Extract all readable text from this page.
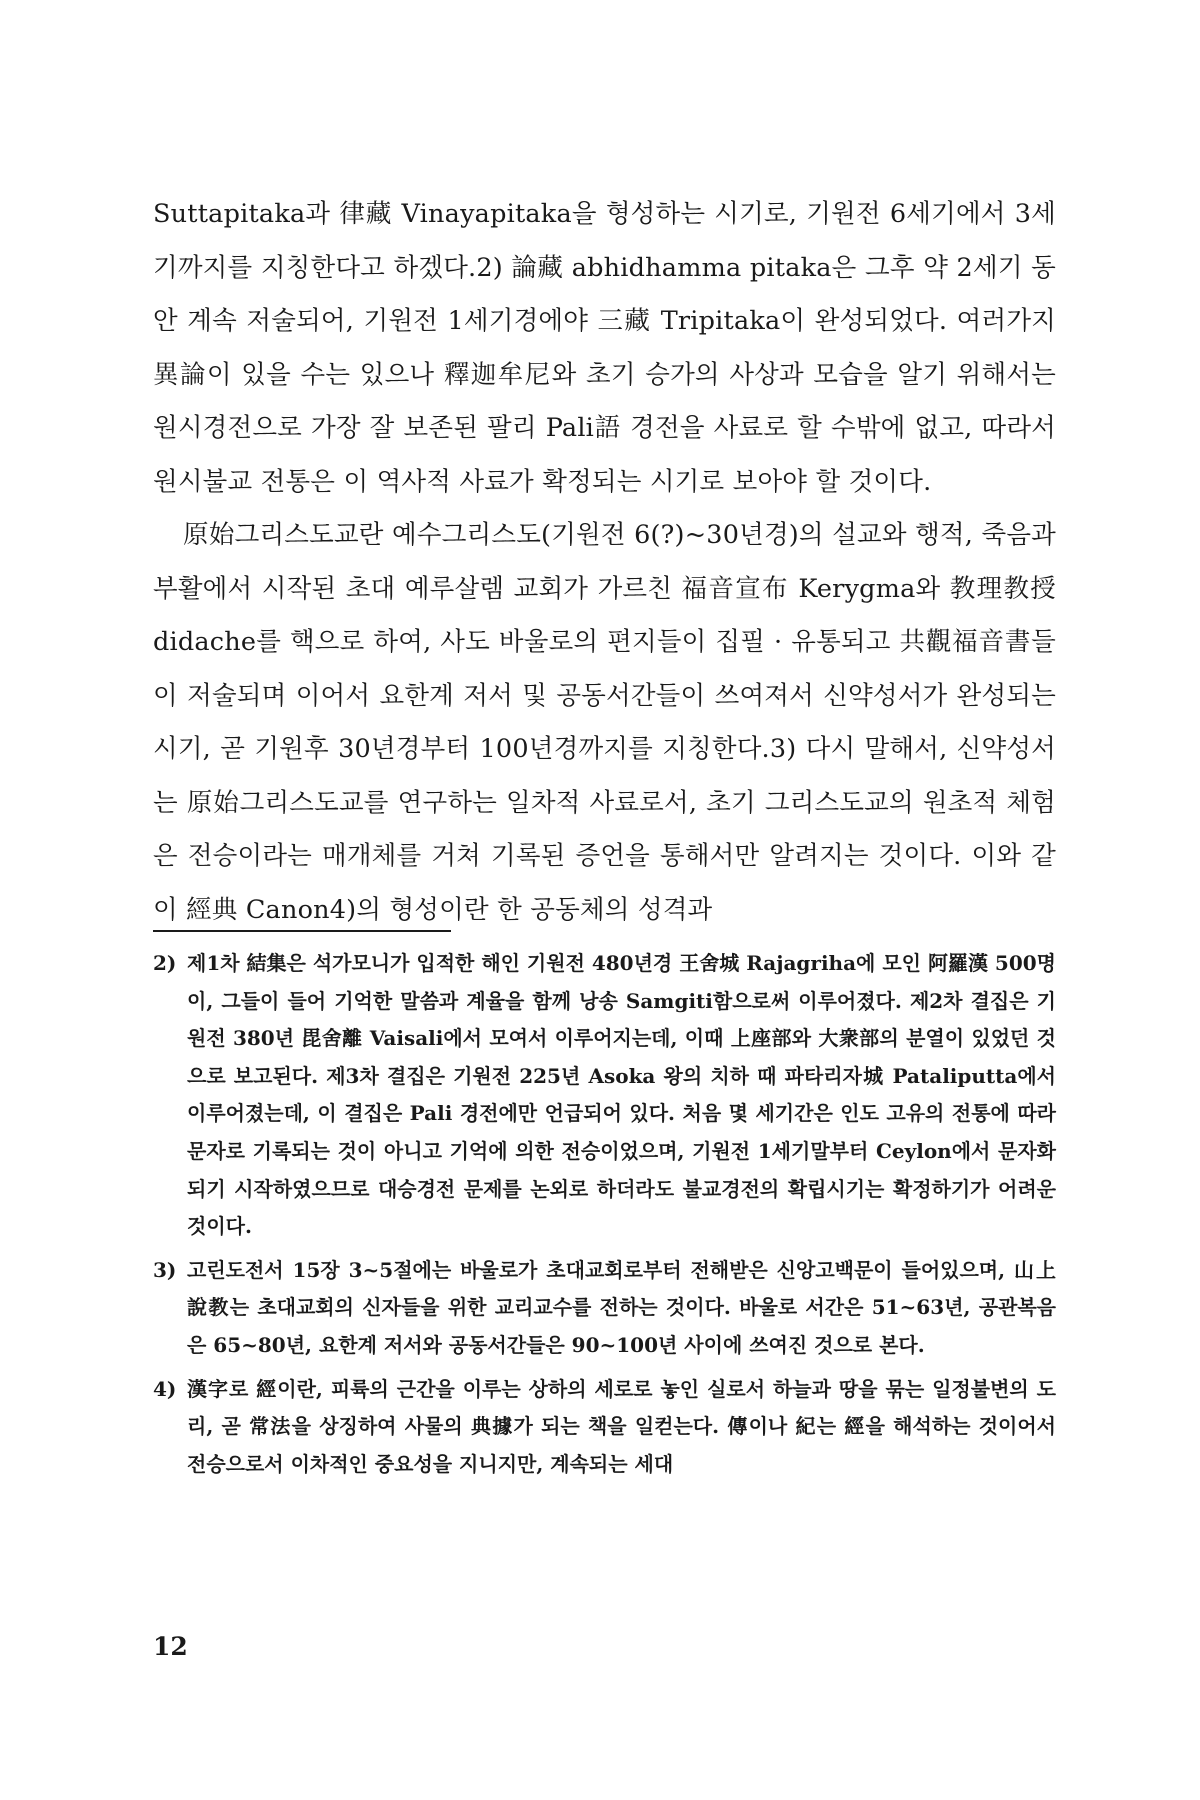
Suttapitaka과 律藏 Vinayapitaka을 형성하는 시기로, 기원전 6세기에서 3세기까지를 지칭한다고 하겠다.2) 論藏 abhidhamma pitaka은 그후 약 2세기 동안 계속 저술되어, 기원전 1세기경에야 三藏 Tripitaka이 완성되었다. 여러가지 異論이 있을 수는 있으나 釋迦牟尼와 초기 승가의 사상과 모습을 알기 위해서는 원시경전으로 가장 잘 보존된 팔리 Pali語 경전을 사료로 할 수밖에 없고, 따라서 원시불교 전통은 이 역사적 사료가 확정되는 시기로 보아야 할 것이다.

原始그리스도교란 예수그리스도(기원전 6(?)~30년경)의 설교와 행적, 죽음과 부활에서 시작된 초대 예루살렘 교회가 가르친 福音宣布 Kerygma와 教理教授 didache를 핵으로 하여, 사도 바울로의 편지들이 집필 · 유통되고 共觀福音書들이 저술되며 이어서 요한계 저서 및 공동서간들이 쓰여져서 신약성서가 완성되는 시기, 곧 기원후 30년경부터 100년경까지를 지칭한다.3) 다시 말해서, 신약성서는 原始그리스도교를 연구하는 일차적 사료로서, 초기 그리스도교의 원초적 체험은 전승이라는 매개체를 거쳐 기록된 증언을 통해서만 알려지는 것이다. 이와 같이 經典 Canon4)의 형성이란 한 공동체의 성격과

2) 제1차 結集은 석가모니가 입적한 해인 기원전 480년경 王舍城 Rajagriha에 모인 阿羅漢 500명이, 그들이 들어 기억한 말씀과 계율을 함께 낭송 Samgiti함으로써 이루어졌다. 제2차 결집은 기원전 380년 毘舍離 Vaisali에서 모여서 이루어지는데, 이때 上座部와 大衆部의 분열이 있었던 것으로 보고된다. 제3차 결집은 기원전 225년 Asoka 왕의 치하 때 파타리자城 Pataliputta에서 이루어졌는데, 이 결집은 Pali 경전에만 언급되어 있다. 처음 몇 세기간은 인도 고유의 전통에 따라 문자로 기록되는 것이 아니고 기억에 의한 전승이었으며, 기원전 1세기말부터 Ceylon에서 문자화되기 시작하였으므로 대승경전 문제를 논외로 하더라도 불교경전의 확립시기는 확정하기가 어려운 것이다.
3) 고린도전서 15장 3~5절에는 바울로가 초대교회로부터 전해받은 신앙고백문이 들어있으며, 山上說教는 초대교회의 신자들을 위한 교리교수를 전하는 것이다. 바울로 서간은 51~63년, 공관복음은 65~80년, 요한계 저서와 공동서간들은 90~100년 사이에 쓰여진 것으로 본다.
4) 漢字로 經이란, 피륙의 근간을 이루는 상하의 세로로 놓인 실로서 하늘과 땅을 묶는 일정불변의 도리, 곧 常法을 상징하여 사물의 典據가 되는 책을 일컫는다. 傳이나 紀는 經을 해석하는 것이어서 전승으로서 이차적인 중요성을 지니지만, 계속되는 세대
12
